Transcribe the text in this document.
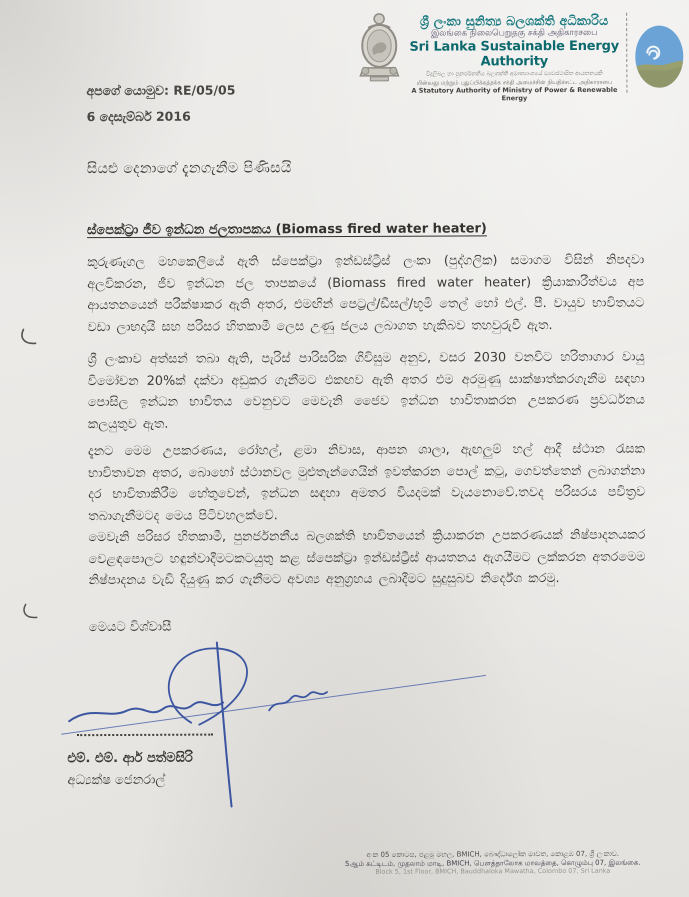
ශ්‍රී ලංකා සුනිත්‍ය බලශක්ති අධිකාරිය
இலங்கை நிலைபெறுதகு சக்தி அதிகாரசபை
Sri Lanka Sustainable Energy Authority
විදුලිබල හා පුනර්ජනනීය බලශක්ති අමාත්‍යාංශයේ ව්‍යවස්ථාපිත ආයතනයකි
மின்வலு மற்றும் புதுப்பிக்கத்தக்க சக்தி அமைச்சின் நியதிச்சட்ட அதிகாரசபை
A Statutory Authority of Ministry of Power & Renewable Energy
අපගේ යොමුව: RE/05/05
6 දෙසැම්බර් 2016
සියළු දෙනාගේ දැනගැනීම පිණිසයි
ස්පෙක්ට්‍රා ජීව ඉන්ධන ජලතාපකය (Biomass fired water heater)
කුරුණෑගල මහකෙලියේ ඇති ස්පෙක්ට්‍රා ඉන්ඩස්ට්‍රීස් ලංකා (පුද්ගලික) සමාගම විසින් නිපදවා අලවිකරන, ජීව ඉන්ධන ජල තාපකයේ (Biomass fired water heater) ක්‍රියාකාරීත්වය අප ආයතනයෙන් පරීක්ෂාකර ඇති අතර, එමඟින් පෙට්‍රල්/ඩීසල්/භූමි තෙල් හෝ එල්. පී. වායුව භාවිතයට වඩා ලාභදායි සහ පරිසර හිතකාමී ලෙස උණු ජලය ලබාගත හැකිබව තහවුරුවී ඇත.
ශ්‍රී ලංකාව අත්සන් තබා ඇති, පැරිස් පාරිසරික ගිවිසුම අනුව, වසර 2030 වනවිට හරිතාගාර වායු විමෝචන 20%ක් දක්වා අඩුකර ගැනීමට එකඟව ඇති අතර එම අරමුණු සාක්ෂාත්කරගැනීම සඳහා පොසිල ඉන්ධන භාවිතය වෙනුවට මෙවැනි ජෛව ඉන්ධන භාවිතාකරන උපකරණ ප්‍රවර්ධනය කලයුතුව ඇත.
දැනට මෙම උපකරණය, රෝහල්, ළමා නිවාස, ආපන ශාලා, ඇඟලුම් හල් ආදී ස්ථාන රැසක භාවිතාවන අතර, බොහෝ ස්ථානවල මුළුතැන්ගෙයින් ඉවත්කරන පොල් කටු, ගෙවත්තෙන් ලබාගන්නා දර භාවිතාකිරීම හේතුවෙන්, ඉන්ධන සඳහා අමතර වියදමක් වැයනොවේ.තවද පරිසරය පවිත්‍රව තබාගැනීමටද මෙය පිටිවහලක්වේ.
මෙවැනි පරිසර හිතකාමී, පුනර්ජනනීය බලශක්ති භාවිතයෙන් ක්‍රියාකරන උපකරණයක් නිෂ්පාදනයකර වෙළඳපොලට හඳුන්වාදීමටකටයුතු කළ ස්පෙක්ට්‍රා ඉන්ඩස්ට්‍රීස් ආයතනය ඇගයීමට ලක්කරන අතරමෙම නිෂ්පාදනය වැඩි දියුණු කර ගැනීමට අවශ්‍ය අනුග්‍රහය ලබාදීමට සුදුසුබව නිර්දේශ කරමු.
මෙයට විශ්වාසී
එම්. එම්. ආර් පත්මසිරි
අධ්‍යක්ෂ ජෙනරාල්
අංක 05 කොටස, පළමු මහල, BMICH, බෞද්ධාලෝක මාවත, කොළඹ 07, ශ්‍රී ලංකාව.
5ஆம் கட்டிடம், முதலாம் மாடி, BMICH, பௌத்தாலோக மாவத்தை, கொழும்பு 07, இலங்கை.
Block 5, 1st Floor, BMICH, Bauddhaloka Mawatha, Colombo 07, Sri Lanka
